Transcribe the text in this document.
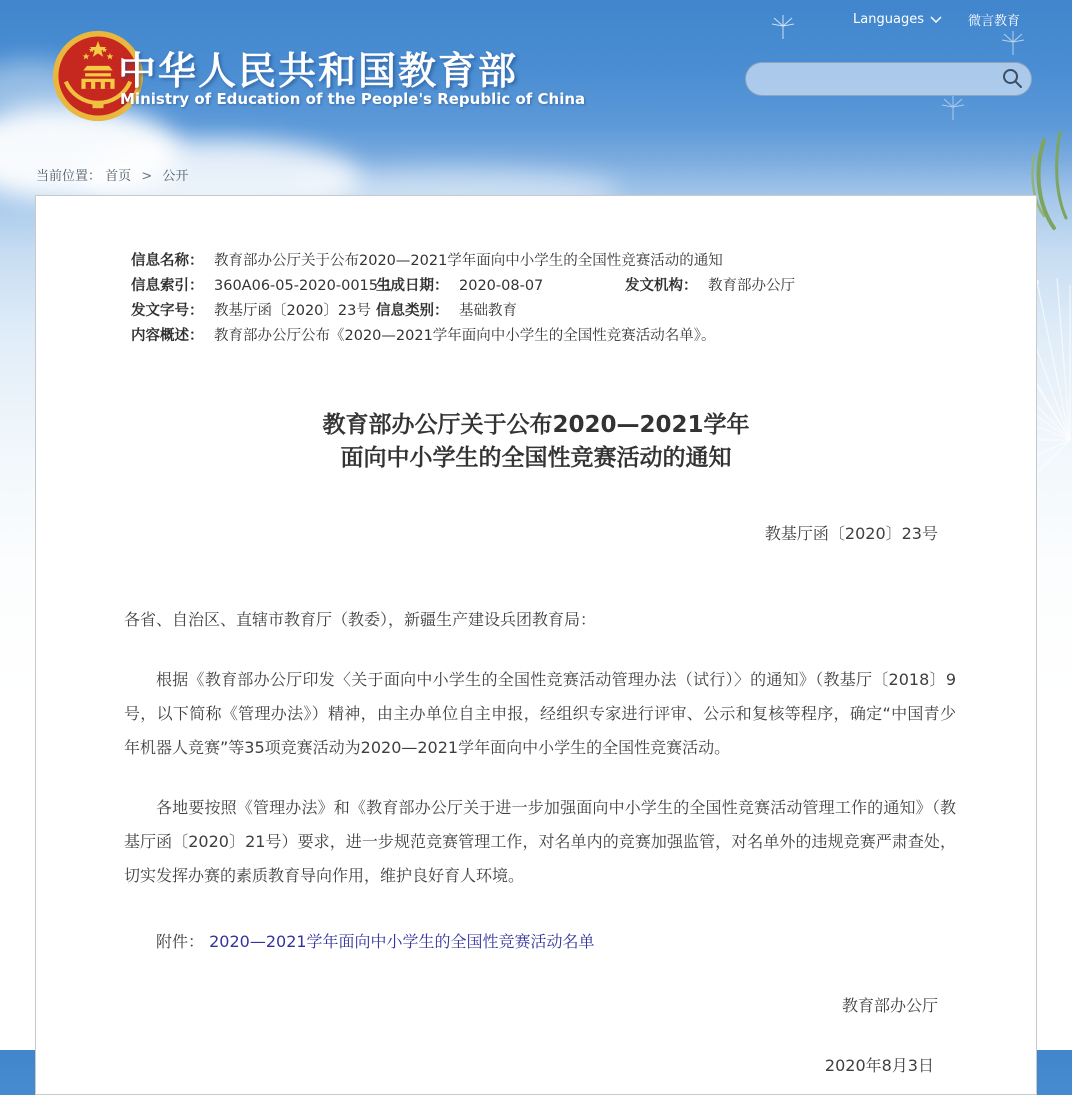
Languages	微言教育
中华人民共和国教育部
Ministry of Education of the People's Republic of China
当前位置： 首页 > 公开
信息名称： 教育部办公厅关于公布2020—2021学年面向中小学生的全国性竞赛活动的通知
信息索引： 360A06-05-2020-0015-1
生成日期： 2020-08-07	发文机构： 教育部办公厅
发文字号： 教基厅函〔2020〕23号 信息类别： 基础教育
内容概述： 教育部办公厅公布《2020—2021学年面向中小学生的全国性竞赛活动名单》。
教育部办公厅关于公布2020—2021学年
面向中小学生的全国性竞赛活动的通知
教基厅函〔2020〕23号
各省、自治区、直辖市教育厅（教委），新疆生产建设兵团教育局：
根据《教育部办公厅印发〈关于面向中小学生的全国性竞赛活动管理办法（试行）〉的通知》（教基厅〔2018〕9号，以下简称《管理办法》）精神，由主办单位自主申报，经组织专家进行评审、公示和复核等程序，确定“中国青少年机器人竞赛”等35项竞赛活动为2020—2021学年面向中小学生的全国性竞赛活动。
各地要按照《管理办法》和《教育部办公厅关于进一步加强面向中小学生的全国性竞赛活动管理工作的通知》（教基厅函〔2020〕21号）要求，进一步规范竞赛管理工作，对名单内的竞赛加强监管，对名单外的违规竞赛严肃查处，切实发挥办赛的素质教育导向作用，维护良好育人环境。
附件： 2020—2021学年面向中小学生的全国性竞赛活动名单
教育部办公厅
2020年8月3日
